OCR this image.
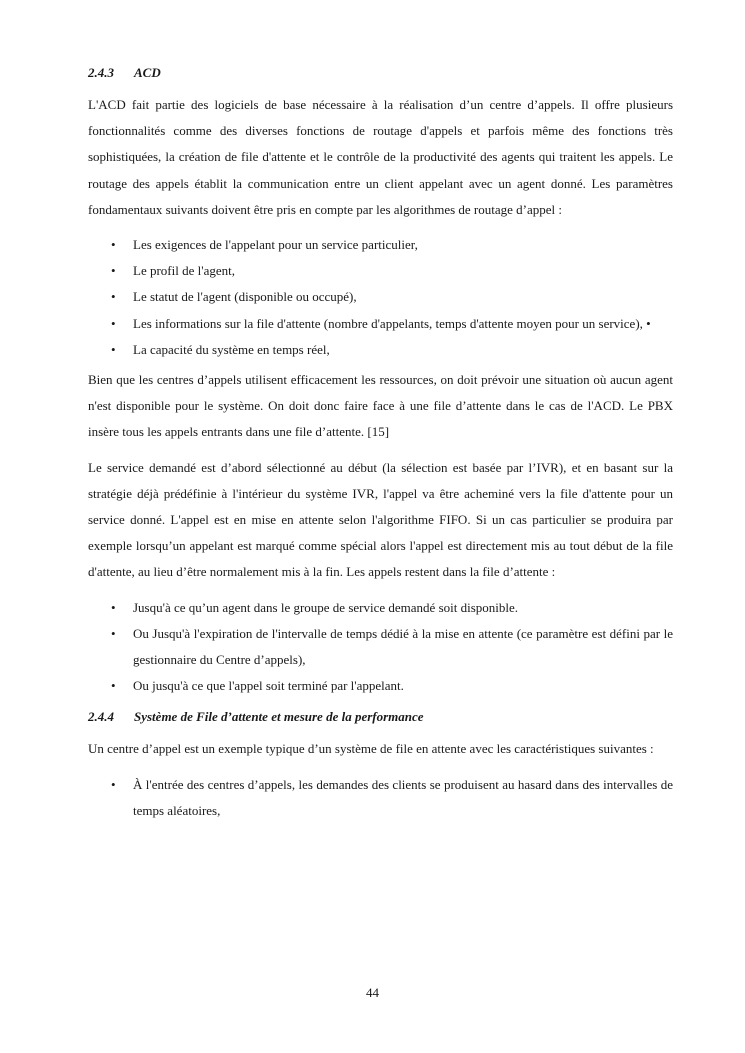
2.4.3 ACD

L'ACD fait partie des logiciels de base nécessaire à la réalisation d’un centre d’appels. Il offre plusieurs fonctionnalités comme des diverses fonctions de routage d'appels et parfois même des fonctions très sophistiquées, la création de file d'attente et le contrôle de la productivité des agents qui traitent les appels. Le routage des appels établit la communication entre un client appelant avec un agent donné. Les paramètres fondamentaux suivants doivent être pris en compte par les algorithmes de routage d’appel :

• Les exigences de l'appelant pour un service particulier,
• Le profil de l'agent,
• Le statut de l'agent (disponible ou occupé),
• Les informations sur la file d'attente (nombre d'appelants, temps d'attente moyen pour un service), •
• La capacité du système en temps réel,

Bien que les centres d’appels utilisent efficacement les ressources, on doit prévoir une situation où aucun agent n'est disponible pour le système. On doit donc faire face à une file d’attente dans le cas de l'ACD. Le PBX insère tous les appels entrants dans une file d’attente. [15]

Le service demandé est d’abord sélectionné au début (la sélection est basée par l’IVR), et en basant sur la stratégie déjà prédéfinie à l'intérieur du système IVR, l'appel va être acheminé vers la file d'attente pour un service donné. L'appel est en mise en attente selon l'algorithme FIFO. Si un cas particulier se produira par exemple lorsqu’un appelant est marqué comme spécial alors l'appel est directement mis au tout début de la file d'attente, au lieu d’être normalement mis à la fin. Les appels restent dans la file d’attente :

• Jusqu'à ce qu’un agent dans le groupe de service demandé soit disponible.
• Ou Jusqu'à l'expiration de l'intervalle de temps dédié à la mise en attente (ce paramètre est défini par le gestionnaire du Centre d’appels),
• Ou jusqu'à ce que l'appel soit terminé par l'appelant.
2.4.4 Système de File d’attente et mesure de la performance

Un centre d’appel est un exemple typique d’un système de file en attente avec les caractéristiques suivantes :

• À l'entrée des centres d’appels, les demandes des clients se produisent au hasard dans des intervalles de temps aléatoires,
44
